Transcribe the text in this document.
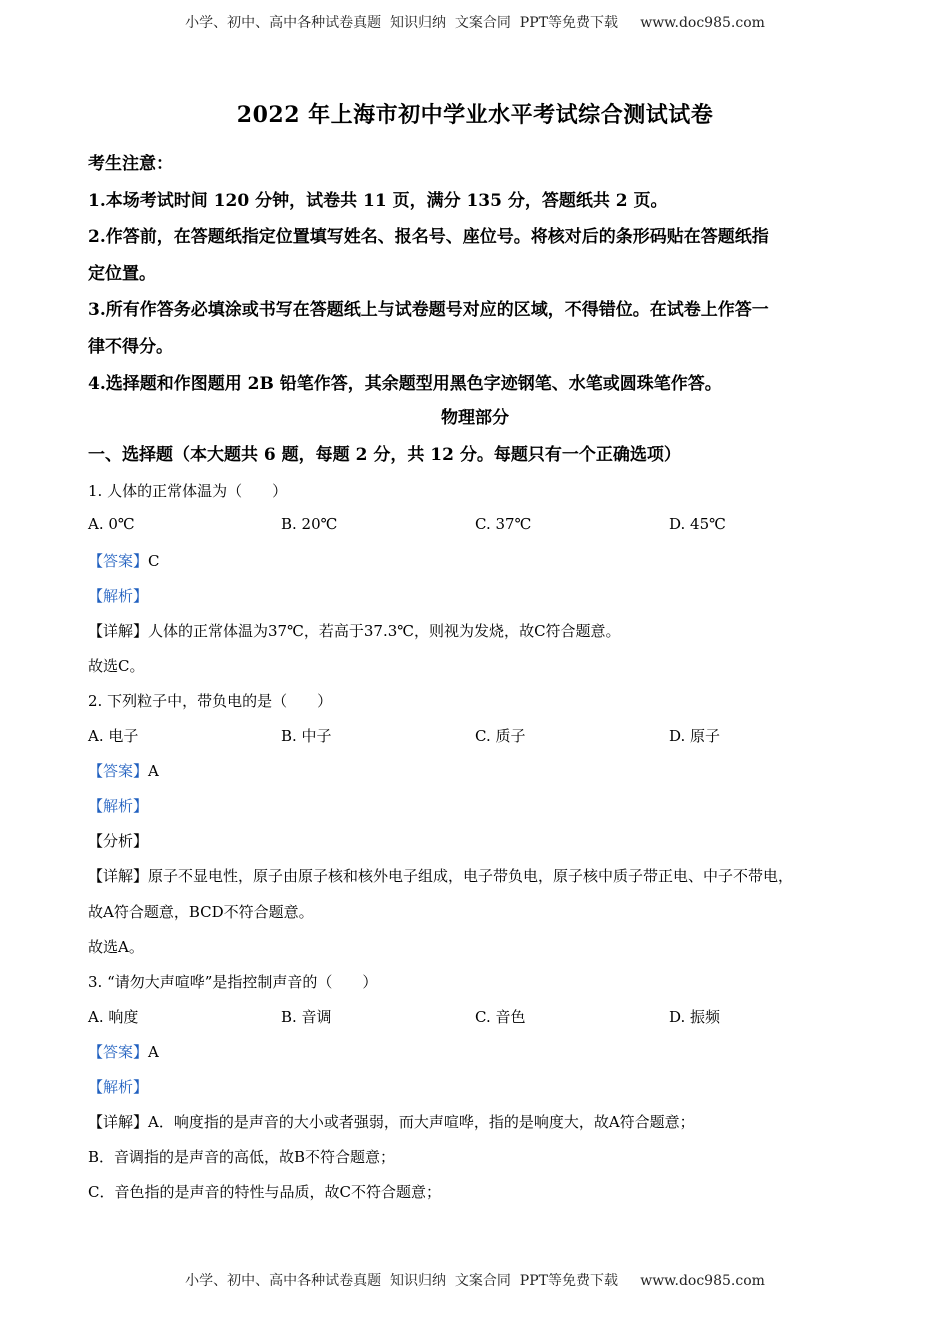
小学、初中、高中各种试卷真题  知识归纳  文案合同  PPT等免费下载     www.doc985.com
2022 年上海市初中学业水平考试综合测试试卷
考生注意：
1.本场考试时间 120 分钟，试卷共 11 页，满分 135 分，答题纸共 2 页。
2.作答前，在答题纸指定位置填写姓名、报名号、座位号。将核对后的条形码贴在答题纸指
定位置。
3.所有作答务必填涂或书写在答题纸上与试卷题号对应的区域，不得错位。在试卷上作答一
律不得分。
4.选择题和作图题用 2B 铅笔作答，其余题型用黑色字迹钢笔、水笔或圆珠笔作答。
物理部分
一、选择题（本大题共 6 题，每题 2 分，共 12 分。每题只有一个正确选项）
1. 人体的正常体温为（　　）
A. 0℃	B. 20℃	C. 37℃	D. 45℃
【答案】C
【解析】
【详解】人体的正常体温为37℃，若高于37.3℃，则视为发烧，故C符合题意。
故选C。
2. 下列粒子中，带负电的是（　　）
A. 电子	B. 中子	C. 质子	D. 原子
【答案】A
【解析】
【分析】
【详解】原子不显电性，原子由原子核和核外电子组成，电子带负电，原子核中质子带正电、中子不带电，
故A符合题意，BCD不符合题意。
故选A。
3. “请勿大声喧哗”是指控制声音的（　　）
A. 响度	B. 音调	C. 音色	D. 振频
【答案】A
【解析】
【详解】A．响度指的是声音的大小或者强弱，而大声喧哗，指的是响度大，故A符合题意；
B．音调指的是声音的高低，故B不符合题意；
C．音色指的是声音的特性与品质，故C不符合题意；
小学、初中、高中各种试卷真题  知识归纳  文案合同  PPT等免费下载     www.doc985.com
